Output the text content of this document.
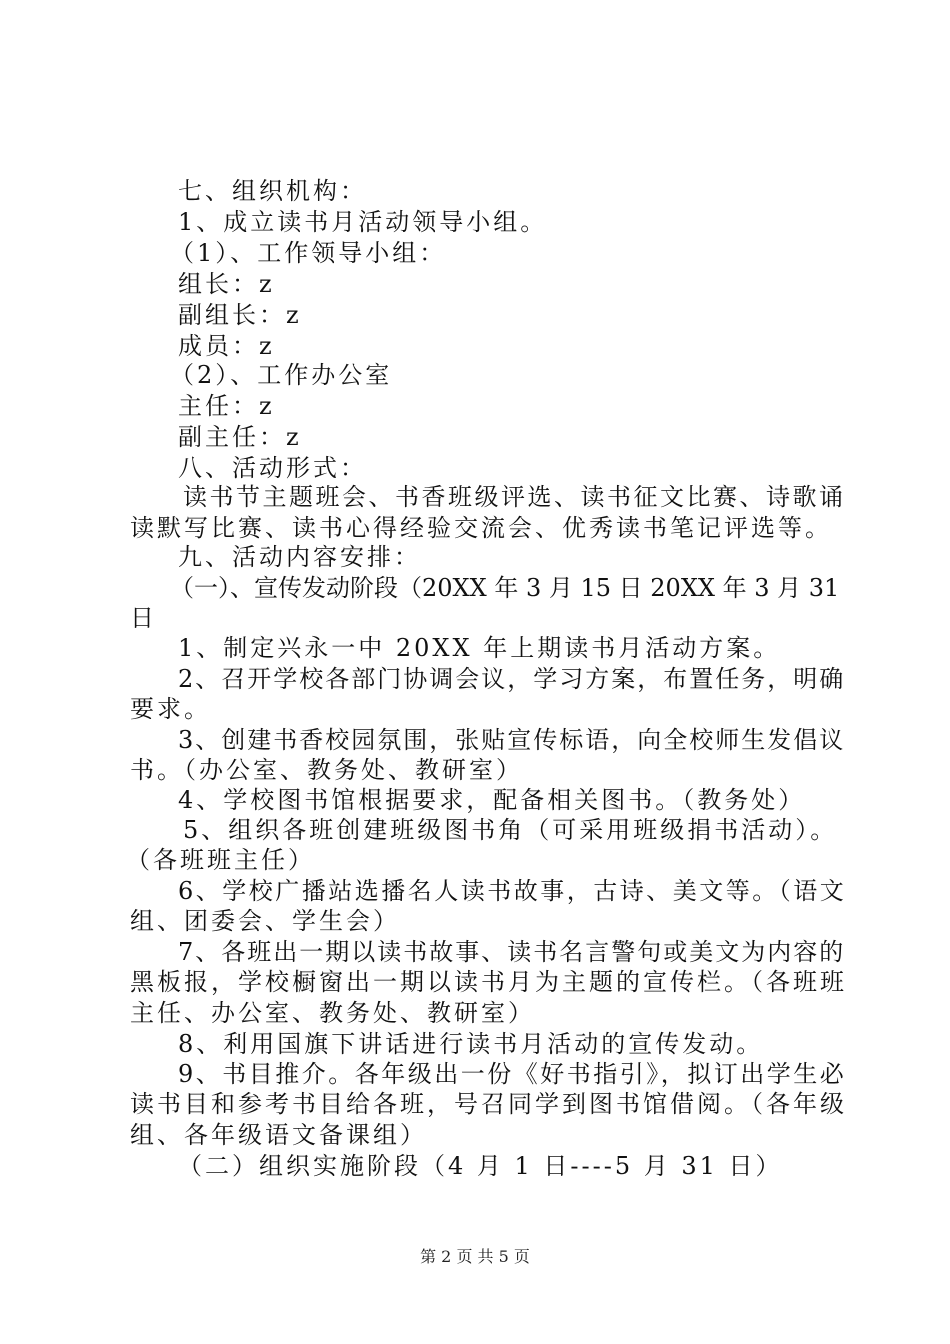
七、组织机构：
1、成立读书月活动领导小组。
（1）、工作领导小组：
组长：z
副组长：z
成员：z
（2）、工作办公室
主任：z
副主任：z
八、活动形式：
读书节主题班会、书香班级评选、读书征文比赛、诗歌诵
读默写比赛、读书心得经验交流会、优秀读书笔记评选等。
九、活动内容安排：
（一）、宣传发动阶段（20XX 年 3 月 15 日 20XX 年 3 月 31
日
1、制定兴永一中 20XX 年上期读书月活动方案。
2、召开学校各部门协调会议，学习方案，布置任务，明确
要求。
3、创建书香校园氛围，张贴宣传标语，向全校师生发倡议
书。（办公室、教务处、教研室）
4、学校图书馆根据要求，配备相关图书。（教务处）
5、组织各班创建班级图书角（可采用班级捐书活动）。
（各班班主任）
6、学校广播站选播名人读书故事，古诗、美文等。（语文
组、团委会、学生会）
7、各班出一期以读书故事、读书名言警句或美文为内容的
黑板报，学校橱窗出一期以读书月为主题的宣传栏。（各班班
主任、办公室、教务处、教研室）
8、利用国旗下讲话进行读书月活动的宣传发动。
9、书目推介。各年级出一份《好书指引》，拟订出学生必
读书目和参考书目给各班，号召同学到图书馆借阅。（各年级
组、各年级语文备课组）
（二）组织实施阶段（4 月 1 日----5 月 31 日）
第 2 页 共 5 页
